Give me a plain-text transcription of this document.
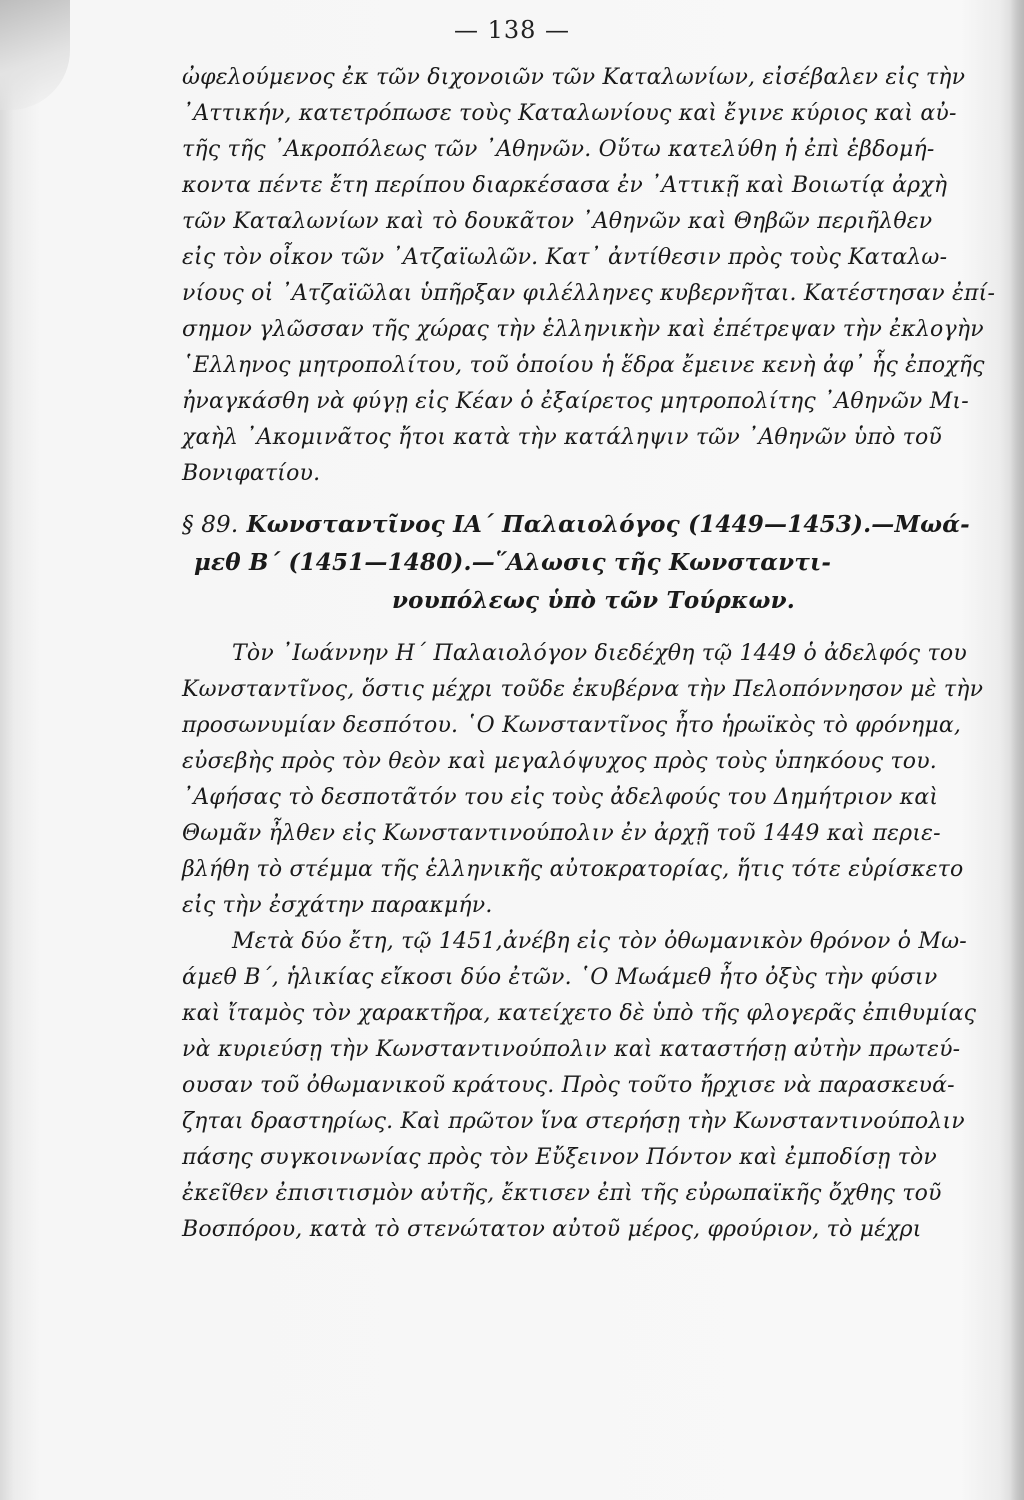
— 138 —
ὠφελούμενος ἐκ τῶν διχονοιῶν τῶν Καταλωνίων, εἰσέβαλεν εἰς τὴν
᾿Αττικήν, κατετρόπωσε τοὺς Καταλωνίους καὶ ἔγινε κύριος καὶ αὐ-
τῆς τῆς ᾿Ακροπόλεως τῶν ᾿Αθηνῶν. Οὕτω κατελύθη ἡ ἐπὶ ἑβδομή-
κοντα πέντε ἔτη περίπου διαρκέσασα ἐν ᾿Αττικῇ καὶ Βοιωτίᾳ ἀρχὴ
τῶν Καταλωνίων καὶ τὸ δουκᾶτον ᾿Αθηνῶν καὶ Θηβῶν περιῆλθεν
εἰς τὸν οἶκον τῶν ᾿Ατζαϊωλῶν. Κατ᾿ ἀντίθεσιν πρὸς τοὺς Καταλω-
νίους οἱ ᾿Ατζαϊῶλαι ὑπῆρξαν φιλέλληνες κυβερνῆται. Κατέστησαν ἐπί-
σημον γλῶσσαν τῆς χώρας τὴν ἑλληνικὴν καὶ ἐπέτρεψαν τὴν ἐκλογὴν
῾Ελληνος μητροπολίτου, τοῦ ὁποίου ἡ ἕδρα ἔμεινε κενὴ ἀφ᾿ ἧς ἐποχῆς
ἠναγκάσθη νὰ φύγῃ εἰς Κέαν ὁ ἐξαίρετος μητροπολίτης ᾿Αθηνῶν Μι-
χαὴλ ᾿Ακομινᾶτος ἤτοι κατὰ τὴν κατάληψιν τῶν ᾿Αθηνῶν ὑπὸ τοῦ
Βονιφατίου.
§ 89. Κωνσταντῖνος ΙΑ΄ Παλαιολόγος (1449—1453).—Μωά-
μεθ Β΄ (1451—1480).—῞Αλωσις τῆς Κωνσταντι-
νουπόλεως ὑπὸ τῶν Τούρκων.
Τὸν ᾿Ιωάννην Η΄ Παλαιολόγον διεδέχθη τῷ 1449 ὁ ἀδελφός του
Κωνσταντῖνος, ὅστις μέχρι τοῦδε ἐκυβέρνα τὴν Πελοπόννησον μὲ τὴν
προσωνυμίαν δεσπότου. ῾Ο Κωνσταντῖνος ἦτο ἡρωϊκὸς τὸ φρόνημα,
εὐσεβὴς πρὸς τὸν θεὸν καὶ μεγαλόψυχος πρὸς τοὺς ὑπηκόους του.
᾿Αφήσας τὸ δεσποτᾶτόν του εἰς τοὺς ἀδελφούς του Δημήτριον καὶ
Θωμᾶν ἦλθεν εἰς Κωνσταντινούπολιν ἐν ἀρχῇ τοῦ 1449 καὶ περιε-
βλήθη τὸ στέμμα τῆς ἑλληνικῆς αὐτοκρατορίας, ἥτις τότε εὑρίσκετο
εἰς τὴν ἐσχάτην παρακμήν.
Μετὰ δύο ἔτη, τῷ 1451,ἀνέβη εἰς τὸν ὀθωμανικὸν θρόνον ὁ Μω-
άμεθ Β΄, ἡλικίας εἴκοσι δύο ἐτῶν. ῾Ο Μωάμεθ ἦτο ὀξὺς τὴν φύσιν
καὶ ἴταμὸς τὸν χαρακτῆρα, κατείχετο δὲ ὑπὸ τῆς φλογερᾶς ἐπιθυμίας
νὰ κυριεύσῃ τὴν Κωνσταντινούπολιν καὶ καταστήσῃ αὐτὴν πρωτεύ-
ουσαν τοῦ ὀθωμανικοῦ κράτους. Πρὸς τοῦτο ἤρχισε νὰ παρασκευά-
ζηται δραστηρίως. Καὶ πρῶτον ἵνα στερήσῃ τὴν Κωνσταντινούπολιν
πάσης συγκοινωνίας πρὸς τὸν Εὔξεινον Πόντον καὶ ἐμποδίσῃ τὸν
ἐκεῖθεν ἐπισιτισμὸν αὐτῆς, ἔκτισεν ἐπὶ τῆς εὐρωπαϊκῆς ὄχθης τοῦ
Βοσπόρου, κατὰ τὸ στενώτατον αὐτοῦ μέρος, φρούριον, τὸ μέχρι
